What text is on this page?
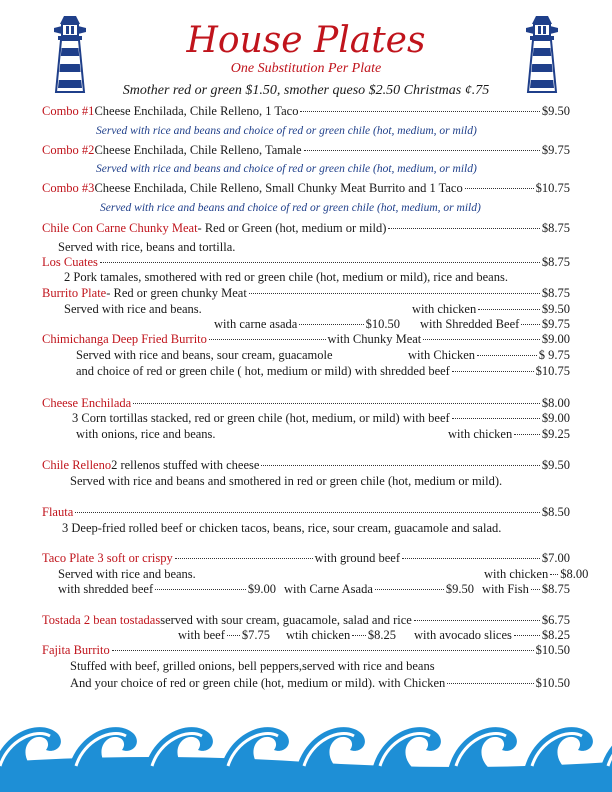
House Plates
One Substitution Per Plate
Smother red or green $1.50, smother queso $2.50 Christmas ¢.75
Combo #1 Cheese Enchilada, Chile Relleno, 1 Taco	$9.50
Served with rice and beans and choice of red or green chile (hot, medium, or mild)
Combo #2 Cheese Enchilada, Chile Relleno, Tamale	$9.75
Served with rice and beans and choice of red or green chile (hot, medium, or mild)
Combo #3 Cheese Enchilada, Chile Relleno, Small Chunky Meat Burrito and 1 Taco	$10.75
Served with rice and beans and choice of red or green chile (hot, medium, or mild)
Chile Con Carne Chunky Meat - Red or Green (hot, medium or mild)	$8.75
Served with rice, beans and tortilla.
Los Cuates	$8.75
2 Pork tamales, smothered with red or green chile (hot, medium or mild), rice and beans.
Burrito Plate - Red or green chunky Meat	$8.75
Served with rice and beans.	with chicken	$9.50
with carne asada	$10.50 with Shredded Beef $9.75
Chimichanga Deep Fried Burrito	with Chunky Meat	$9.00
Served with rice and beans, sour cream, guacamole	with Chicken	$ 9.75
and choice of red or green chile ( hot, medium or mild) with shredded beef	$10.75
Cheese Enchilada	$8.00
3 Corn tortillas stacked, red or green chile (hot, medium, or mild) with beef	$9.00
with onions, rice and beans.	with chicken $9.25
Chile Relleno 2 rellenos stuffed with cheese	$9.50
Served with rice and beans and smothered in red or green chile (hot, medium or mild).
Flauta	$8.50
3 Deep-fried rolled beef or chicken tacos, beans, rice, sour cream, guacamole and salad.
Taco Plate 3 soft or crispy	with ground beef	$7.00
Served with rice and beans.	with chicken $8.00
with shredded beef	$9.00 with Carne Asada	$9.50 with Fish $8.75
Tostada 2 bean tostadas served with sour cream, guacamole, salad and rice	$6.75
with beef $7.75 wtih chicken $8.25 with avocado slices $8.25
Fajita Burrito	$10.50
Stuffed with beef, grilled onions, bell peppers,served with rice and beans
And your choice of red or green chile (hot, medium or mild). with Chicken	$10.50
